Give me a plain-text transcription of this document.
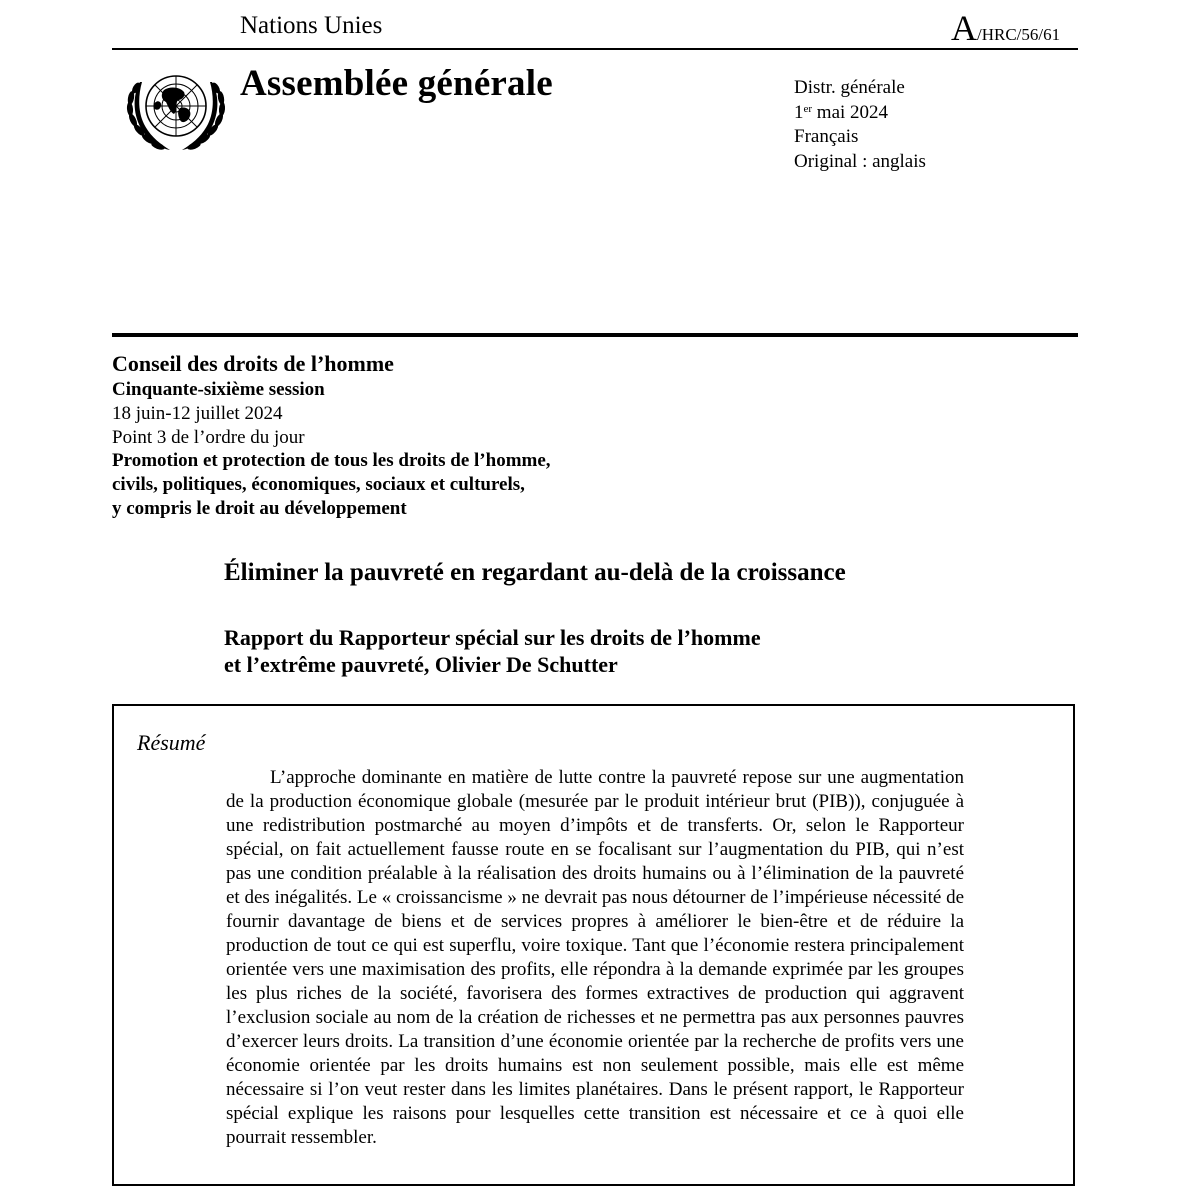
Nations Unies	A/HRC/56/61
Assemblée générale	Distr. générale
1er mai 2024
Français
Original : anglais
Conseil des droits de l’homme
Cinquante-sixième session
18 juin-12 juillet 2024
Point 3 de l’ordre du jour
Promotion et protection de tous les droits de l’homme,
civils, politiques, économiques, sociaux et culturels,
y compris le droit au développement
Éliminer la pauvreté en regardant au-delà de la croissance
Rapport du Rapporteur spécial sur les droits de l’homme
et l’extrême pauvreté, Olivier De Schutter
Résumé

L’approche dominante en matière de lutte contre la pauvreté repose sur une augmentation de la production économique globale (mesurée par le produit intérieur brut (PIB)), conjuguée à une redistribution postmarché au moyen d’impôts et de transferts. Or, selon le Rapporteur spécial, on fait actuellement fausse route en se focalisant sur l’augmentation du PIB, qui n’est pas une condition préalable à la réalisation des droits humains ou à l’élimination de la pauvreté et des inégalités. Le « croissancisme » ne devrait pas nous détourner de l’impérieuse nécessité de fournir davantage de biens et de services propres à améliorer le bien-être et de réduire la production de tout ce qui est superflu, voire toxique. Tant que l’économie restera principalement orientée vers une maximisation des profits, elle répondra à la demande exprimée par les groupes les plus riches de la société, favorisera des formes extractives de production qui aggravent l’exclusion sociale au nom de la création de richesses et ne permettra pas aux personnes pauvres d’exercer leurs droits. La transition d’une économie orientée par la recherche de profits vers une économie orientée par les droits humains est non seulement possible, mais elle est même nécessaire si l’on veut rester dans les limites planétaires. Dans le présent rapport, le Rapporteur spécial explique les raisons pour lesquelles cette transition est nécessaire et ce à quoi elle pourrait ressembler.
